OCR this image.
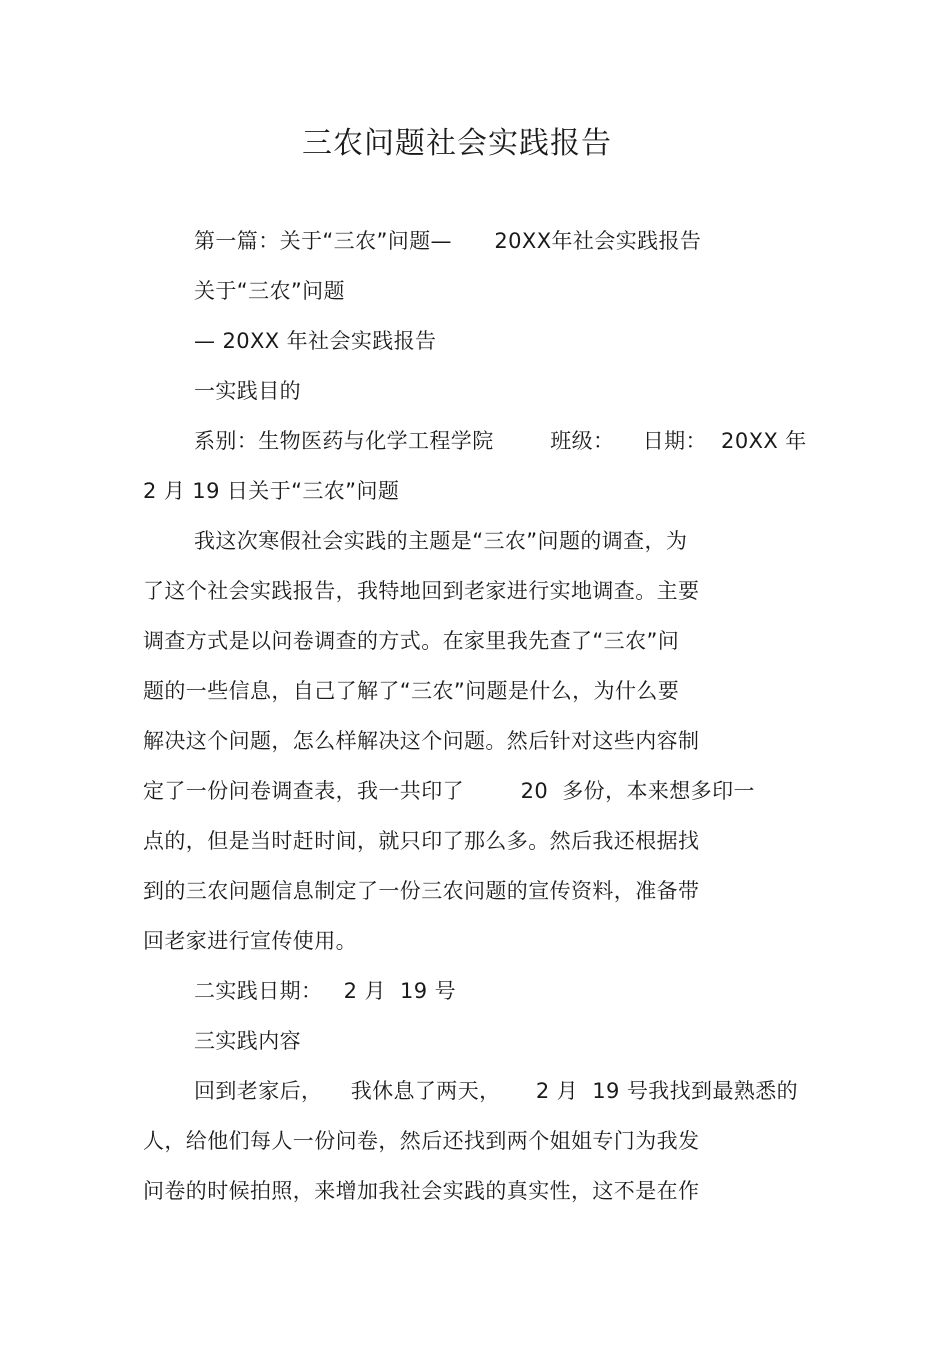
三农问题社会实践报告
第一篇：关于“三农”问题—      20XX年社会实践报告
关于“三农”问题
— 20XX 年社会实践报告
一实践目的
系别：生物医药与化学工程学院        班级：    日期：  20XX 年
2 月 19 日关于“三农”问题
我这次寒假社会实践的主题是“三农”问题的调查，为
了这个社会实践报告，我特地回到老家进行实地调查。主要
调查方式是以问卷调查的方式。在家里我先查了“三农”问
题的一些信息，自己了解了“三农”问题是什么，为什么要
解决这个问题，怎么样解决这个问题。然后针对这些内容制
定了一份问卷调查表，我一共印了        20  多份，本来想多印一
点的，但是当时赶时间，就只印了那么多。然后我还根据找
到的三农问题信息制定了一份三农问题的宣传资料，准备带
回老家进行宣传使用。
二实践日期：   2 月  19 号
三实践内容
回到老家后，    我休息了两天，     2 月  19 号我找到最熟悉的
人，给他们每人一份问卷，然后还找到两个姐姐专门为我发
问卷的时候拍照，来增加我社会实践的真实性，这不是在作
